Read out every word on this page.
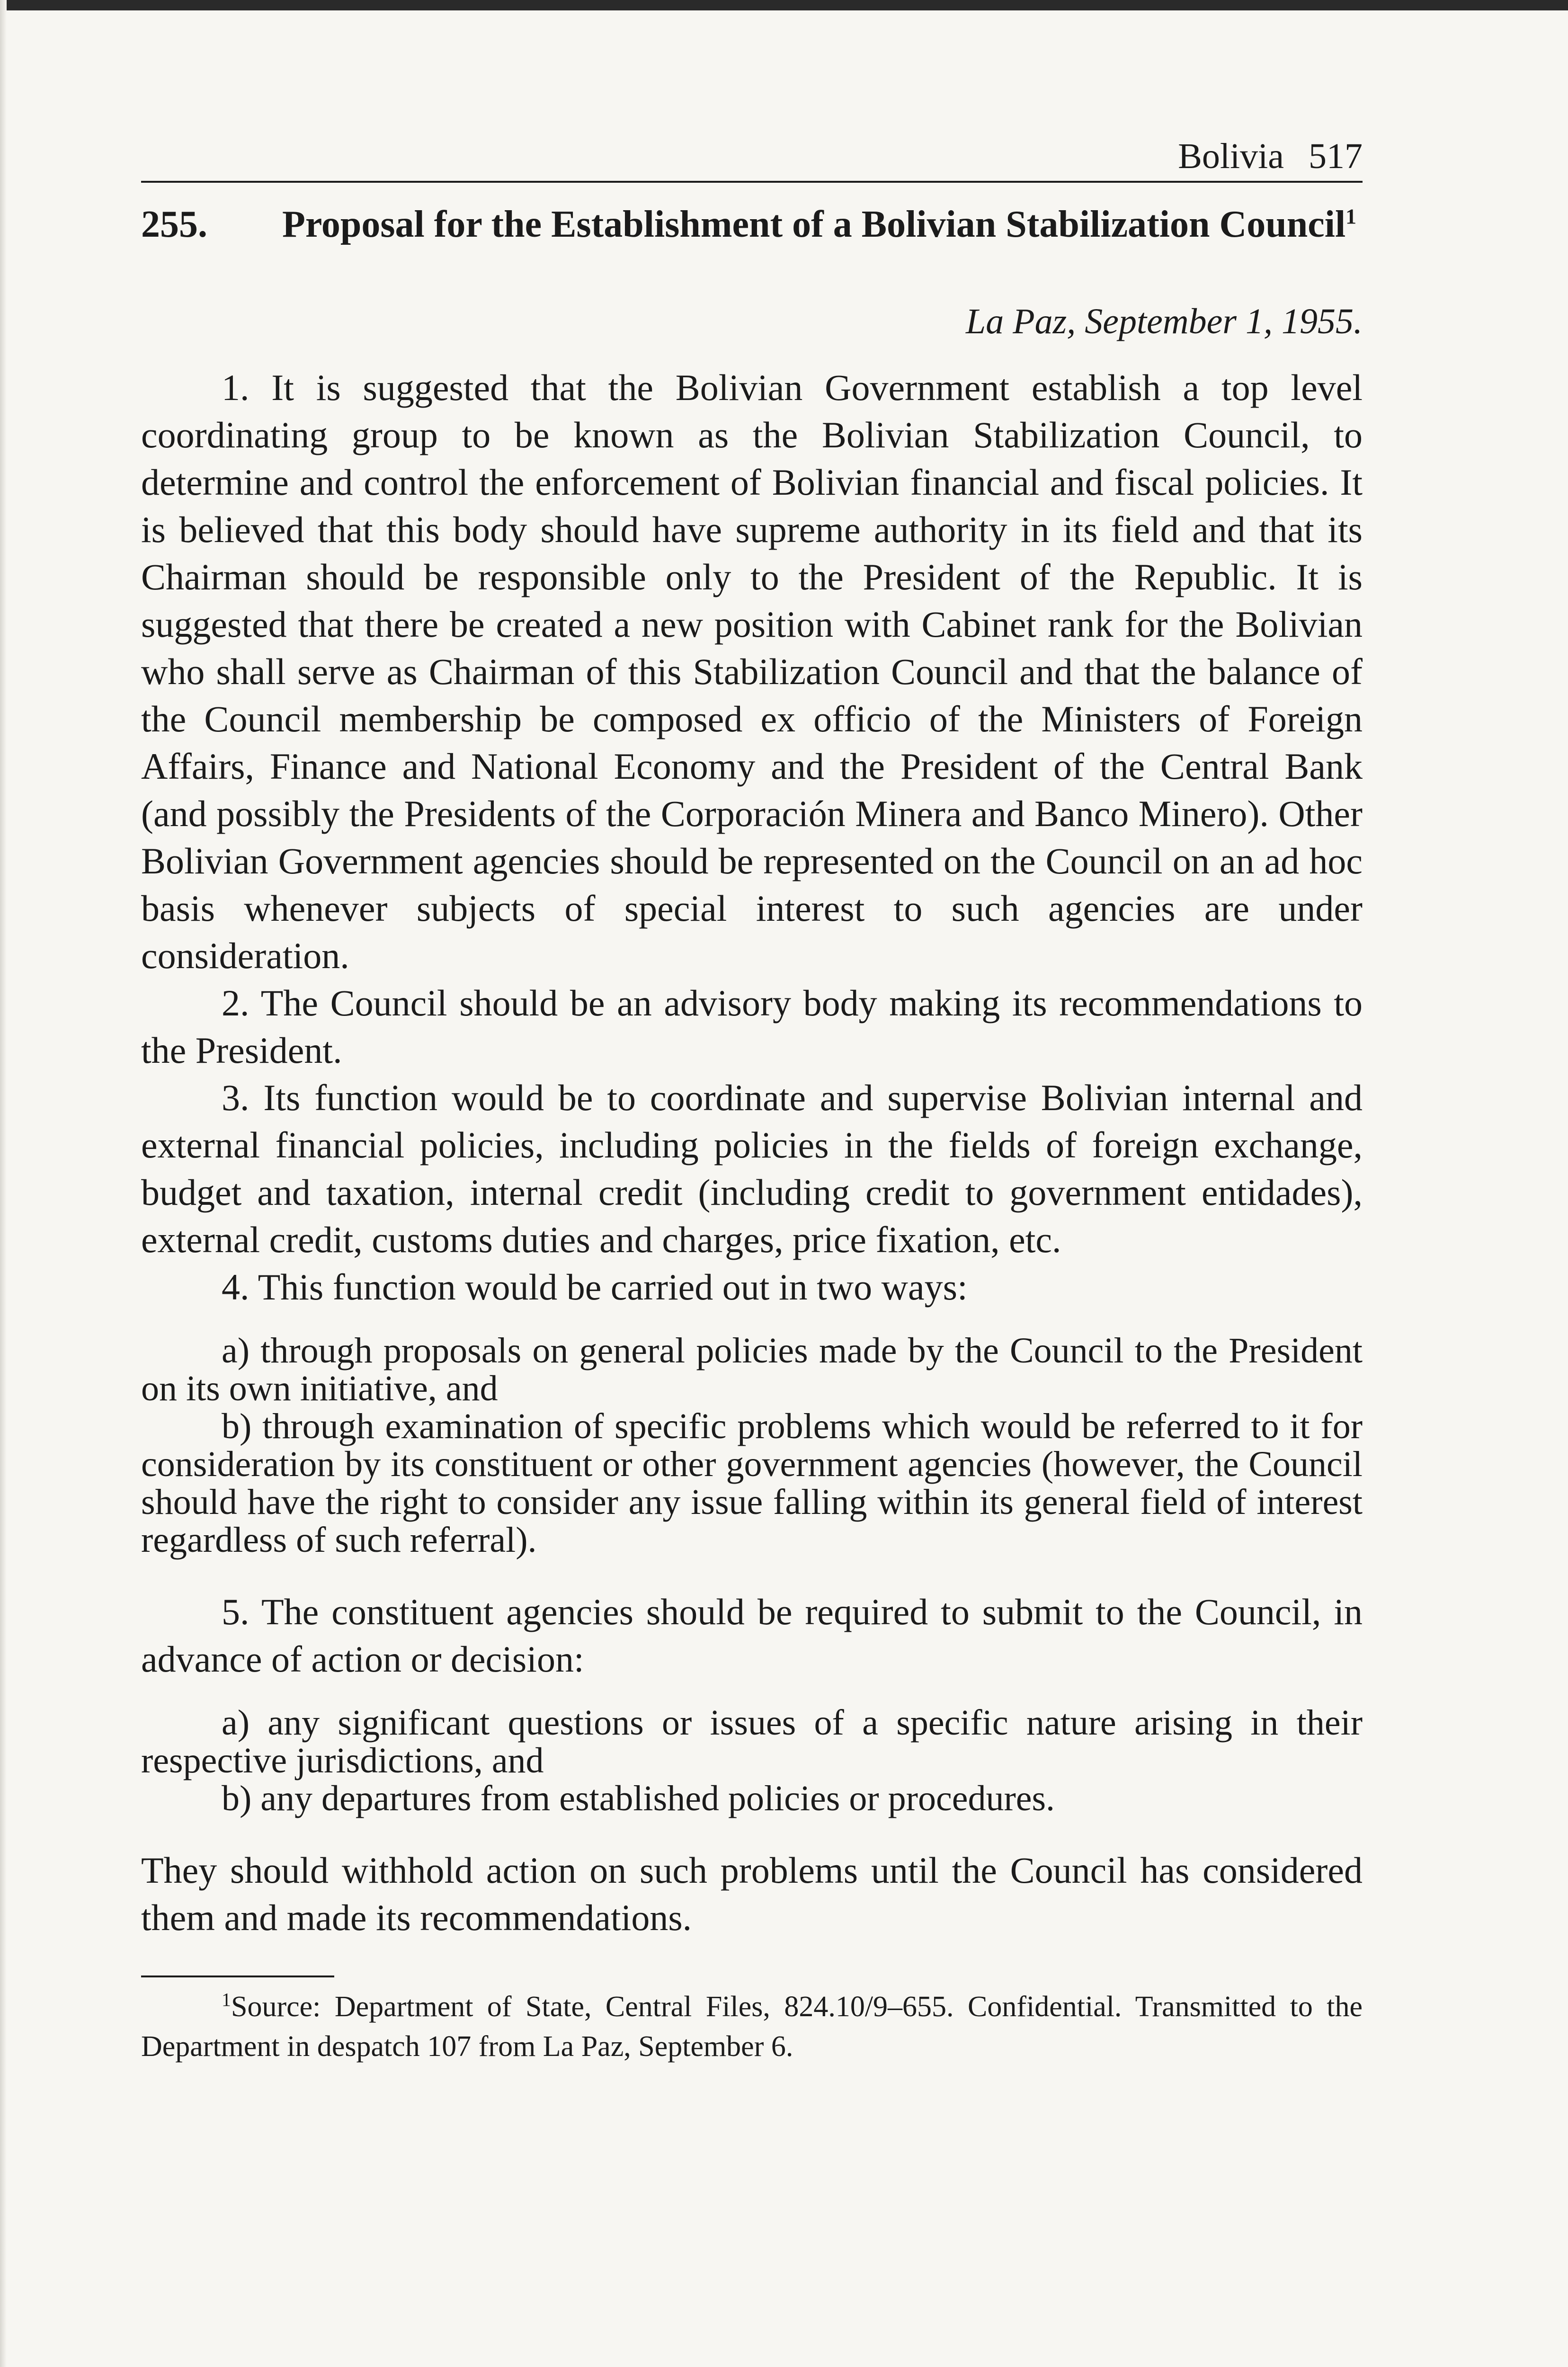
Bolivia 517
255. Proposal for the Establishment of a Bolivian Stabilization Council$^1$
La Paz, September 1, 1955.

1. It is suggested that the Bolivian Government establish a top level coordinating group to be known as the Bolivian Stabilization Council, to determine and control the enforcement of Bolivian financial and fiscal policies. It is believed that this body should have supreme authority in its field and that its Chairman should be responsible only to the President of the Republic. It is suggested that there be created a new position with Cabinet rank for the Bolivian who shall serve as Chairman of this Stabilization Council and that the balance of the Council membership be composed ex officio of the Ministers of Foreign Affairs, Finance and National Economy and the President of the Central Bank (and possibly the Presidents of the Corporación Minera and Banco Minero). Other Bolivian Government agencies should be represented on the Council on an ad hoc basis whenever subjects of special interest to such agencies are under consideration.

2. The Council should be an advisory body making its recommendations to the President.

3. Its function would be to coordinate and supervise Bolivian internal and external financial policies, including policies in the fields of foreign exchange, budget and taxation, internal credit (including credit to government entidades), external credit, customs duties and charges, price fixation, etc.

4. This function would be carried out in two ways:

a) through proposals on general policies made by the Council to the President on its own initiative, and

b) through examination of specific problems which would be referred to it for consideration by its constituent or other government agencies (however, the Council should have the right to consider any issue falling within its general field of interest regardless of such referral).

5. The constituent agencies should be required to submit to the Council, in advance of action or decision:

a) any significant questions or issues of a specific nature arising in their respective jurisdictions, and

b) any departures from established policies or procedures.

They should withhold action on such problems until the Council has considered them and made its recommendations.

$^1$Source: Department of State, Central Files, 824.10/9–655. Confidential. Transmitted to the Department in despatch 107 from La Paz, September 6.
